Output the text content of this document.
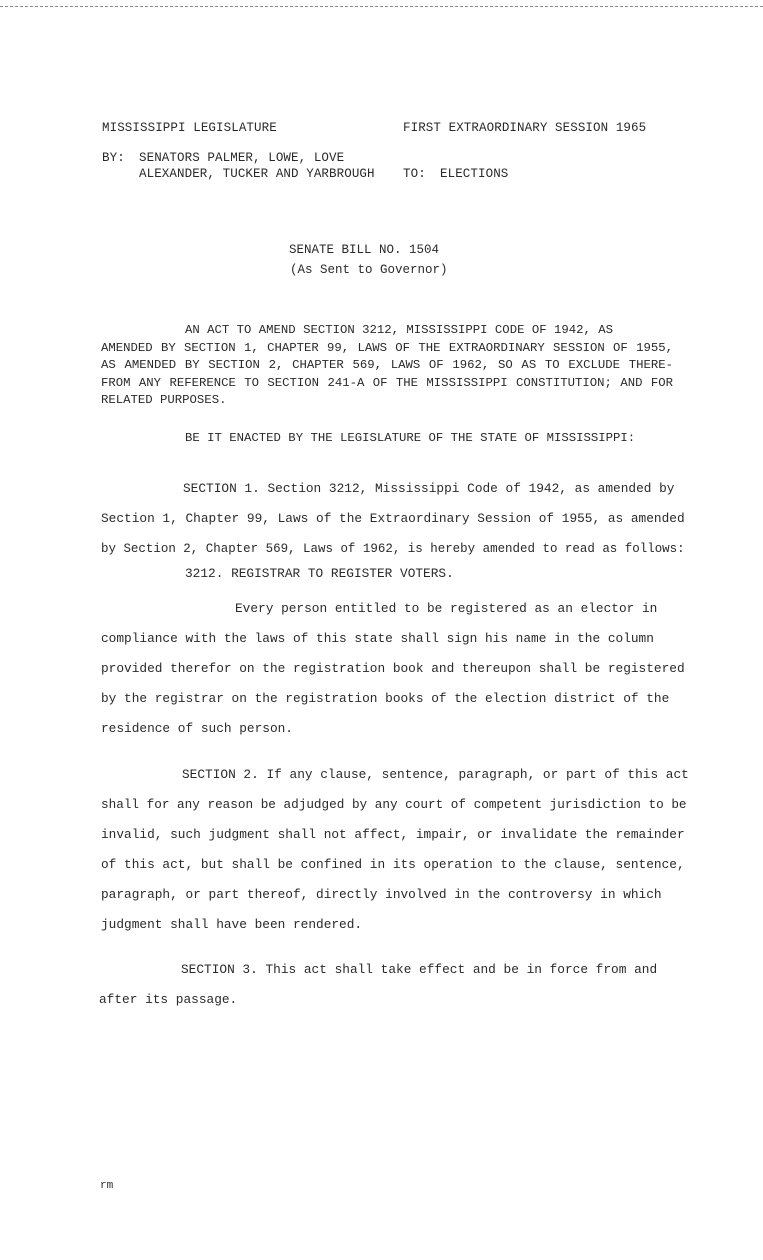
MISSISSIPPI LEGISLATURE	FIRST EXTRAORDINARY SESSION 1965
BY: SENATORS PALMER, LOWE, LOVE
ALEXANDER, TUCKER AND YARBROUGH TO: ELECTIONS
SENATE BILL NO. 1504
(As Sent to Governor)
AN ACT TO AMEND SECTION 3212, MISSISSIPPI CODE OF 1942, AS
AMENDED BY SECTION 1, CHAPTER 99, LAWS OF THE EXTRAORDINARY SESSION OF 1955,
AS AMENDED BY SECTION 2, CHAPTER 569, LAWS OF 1962, SO AS TO EXCLUDE THERE-
FROM ANY REFERENCE TO SECTION 241-A OF THE MISSISSIPPI CONSTITUTION; AND FOR
RELATED PURPOSES.
BE IT ENACTED BY THE LEGISLATURE OF THE STATE OF MISSISSIPPI:
SECTION 1. Section 3212, Mississippi Code of 1942, as amended by
Section 1, Chapter 99, Laws of the Extraordinary Session of 1955, as amended
by Section 2, Chapter 569, Laws of 1962, is hereby amended to read as follows:
3212. REGISTRAR TO REGISTER VOTERS.
Every person entitled to be registered as an elector in
compliance with the laws of this state shall sign his name in the column
provided therefor on the registration book and thereupon shall be registered
by the registrar on the registration books of the election district of the
residence of such person.
SECTION 2. If any clause, sentence, paragraph, or part of this act
shall for any reason be adjudged by any court of competent jurisdiction to be
invalid, such judgment shall not affect, impair, or invalidate the remainder
of this act, but shall be confined in its operation to the clause, sentence,
paragraph, or part thereof, directly involved in the controversy in which
judgment shall have been rendered.
SECTION 3. This act shall take effect and be in force from and
after its passage.
rm
